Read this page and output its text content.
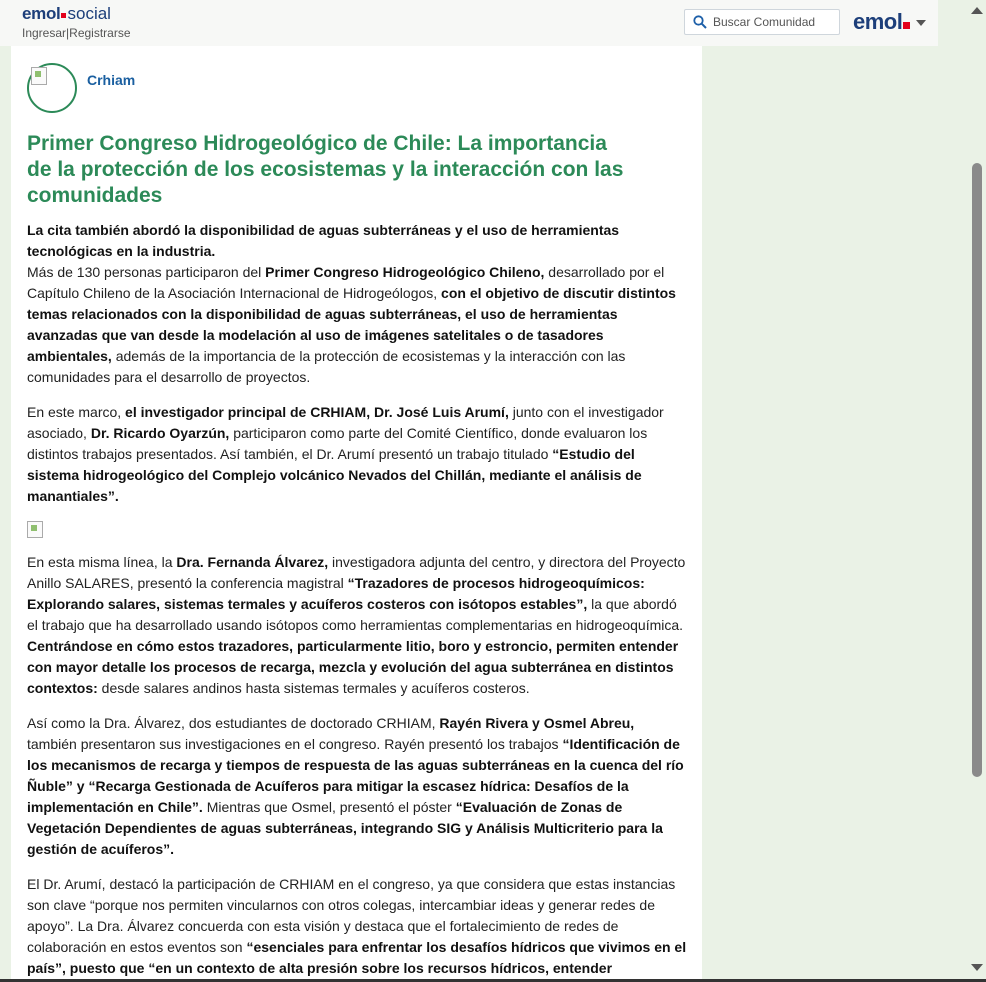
emol social
Ingresar|Registrarse
Buscar Comunidad	emol
Crhiam
Primer Congreso Hidrogeológico de Chile: La importancia de la protección de los ecosistemas y la interacción con las comunidades

La cita también abordó la disponibilidad de aguas subterráneas y el uso de herramientas tecnológicas en la industria.
Más de 130 personas participaron del Primer Congreso Hidrogeológico Chileno, desarrollado por el Capítulo Chileno de la Asociación Internacional de Hidrogeólogos, con el objetivo de discutir distintos temas relacionados con la disponibilidad de aguas subterráneas, el uso de herramientas avanzadas que van desde la modelación al uso de imágenes satelitales o de tasadores ambientales, además de la importancia de la protección de ecosistemas y la interacción con las comunidades para el desarrollo de proyectos.

En este marco, el investigador principal de CRHIAM, Dr. José Luis Arumí, junto con el investigador asociado, Dr. Ricardo Oyarzún, participaron como parte del Comité Científico, donde evaluaron los distintos trabajos presentados. Así también, el Dr. Arumí presentó un trabajo titulado “Estudio del sistema hidrogeológico del Complejo volcánico Nevados del Chillán, mediante el análisis de manantiales”.

En esta misma línea, la Dra. Fernanda Álvarez, investigadora adjunta del centro, y directora del Proyecto Anillo SALARES, presentó la conferencia magistral “Trazadores de procesos hidrogeoquímicos: Explorando salares, sistemas termales y acuíferos costeros con isótopos estables”, la que abordó el trabajo que ha desarrollado usando isótopos como herramientas complementarias en hidrogeoquímica. Centrándose en cómo estos trazadores, particularmente litio, boro y estroncio, permiten entender con mayor detalle los procesos de recarga, mezcla y evolución del agua subterránea en distintos contextos: desde salares andinos hasta sistemas termales y acuíferos costeros.

Así como la Dra. Álvarez, dos estudiantes de doctorado CRHIAM, Rayén Rivera y Osmel Abreu, también presentaron sus investigaciones en el congreso. Rayén presentó los trabajos “Identificación de los mecanismos de recarga y tiempos de respuesta de las aguas subterráneas en la cuenca del río Ñuble” y “Recarga Gestionada de Acuíferos para mitigar la escasez hídrica: Desafíos de la implementación en Chile”. Mientras que Osmel, presentó el póster “Evaluación de Zonas de Vegetación Dependientes de aguas subterráneas, integrando SIG y Análisis Multicriterio para la gestión de acuíferos”.

El Dr. Arumí, destacó la participación de CRHIAM en el congreso, ya que considera que estas instancias son clave “porque nos permiten vincularnos con otros colegas, intercambiar ideas y generar redes de apoyo”. La Dra. Álvarez concuerda con esta visión y destaca que el fortalecimiento de redes de colaboración en estos eventos son “esenciales para enfrentar los desafíos hídricos que vivimos en el país”, puesto que “en un contexto de alta presión sobre los recursos hídricos, entender
